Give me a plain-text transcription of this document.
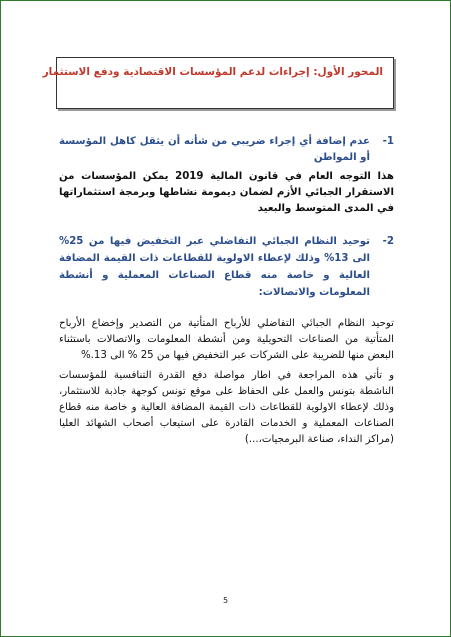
المحور الأول: إجراءات لدعم المؤسسات الاقتصادية ودفع الاستثمار
-1
عدم إضافة أي إجراء ضريبي من شأنه أن يثقل كاهل المؤسسة أو المواطن
هذا التوجه العام في قانون المالية 2019 يمكن المؤسسات من الاستقرار الجبائي الأزم لضمان ديمومة نشاطها وبرمجة استثماراتها في المدى المتوسط والبعيد
-2
توحيد النظام الجبائي التفاضلي عبر التخفيض فيها من 25% الى 13% وذلك لإعطاء الاولوية للقطاعات ذات القيمة المضافة العالية و خاصة منه قطاع الصناعات المعملية و أنشطة المعلومات والاتصالات:
توحيد النظام الجبائي التفاضلي للأرباح المتأتية من التصدير وإخضاع الأرباح المتأتية من الصناعات التحويلية ومن أنشطة المعلومات والاتصالات باستثناء البعض منها للضريبة على الشركات عبر التخفيض فيها من 25 % الى 13.%
و تأتي هذه المراجعة في اطار مواصلة دفع القدرة التنافسية للمؤسسات الناشطة بتونس والعمل على الحفاظ على موقع تونس كوجهة جاذبة للاستثمار، وذلك لإعطاء الاولوية للقطاعات ذات القيمة المضافة العالية و خاصة منه قطاع الصناعات المعملية و الخدمات القادرة على استيعاب أصحاب الشهائد العليا (مراكز النداء، صناعة البرمجيات،...)
5
